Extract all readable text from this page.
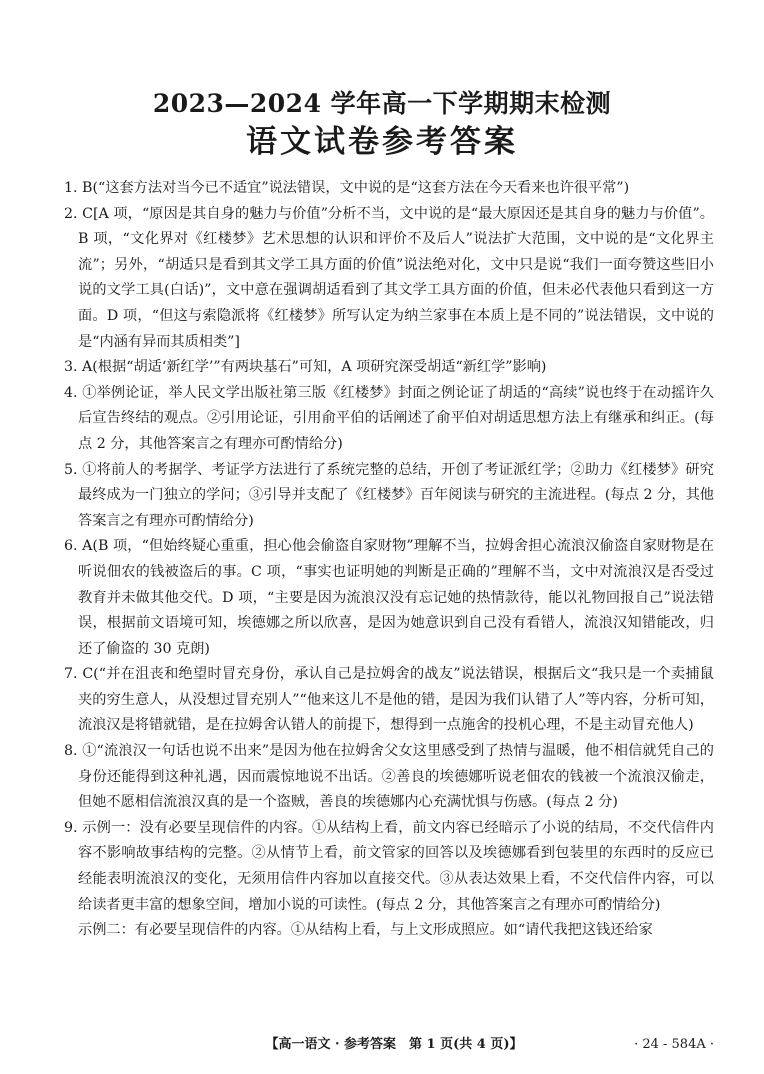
2023—2024 学年高一下学期期末检测
语文试卷参考答案

1. B(“这套方法对当今已不适宜”说法错误，文中说的是“这套方法在今天看来也许很平常”)

2. C[A 项，“原因是其自身的魅力与价值”分析不当，文中说的是“最大原因还是其自身的魅力与价值”。B 项，“文化界对《红楼梦》艺术思想的认识和评价不及后人”说法扩大范围，文中说的是“文化界主流”；另外，“胡适只是看到其文学工具方面的价值”说法绝对化，文中只是说“我们一面夸赞这些旧小说的文学工具(白话)”，文中意在强调胡适看到了其文学工具方面的价值，但未必代表他只看到这一方面。D 项，“但这与索隐派将《红楼梦》所写认定为纳兰家事在本质上是不同的”说法错误，文中说的是“内涵有异而其质相类”]

3. A(根据“胡适‘新红学’”有两块基石”可知，A 项研究深受胡适“新红学”影响)

4. ①举例论证，举人民文学出版社第三版《红楼梦》封面之例论证了胡适的“高续”说也终于在动摇许久后宣告终结的观点。②引用论证，引用俞平伯的话阐述了俞平伯对胡适思想方法上有继承和纠正。(每点 2 分，其他答案言之有理亦可酌情给分)

5. ①将前人的考据学、考证学方法进行了系统完整的总结，开创了考证派红学；②助力《红楼梦》研究最终成为一门独立的学问；③引导并支配了《红楼梦》百年阅读与研究的主流进程。(每点 2 分，其他答案言之有理亦可酌情给分)

6. A(B 项，“但始终疑心重重，担心他会偷盗自家财物”理解不当，拉姆舍担心流浪汉偷盗自家财物是在听说佃农的钱被盗后的事。C 项，“事实也证明她的判断是正确的”理解不当，文中对流浪汉是否受过教育并未做其他交代。D 项，“主要是因为流浪汉没有忘记她的热情款待，能以礼物回报自己”说法错误，根据前文语境可知，埃德娜之所以欣喜，是因为她意识到自己没有看错人，流浪汉知错能改，归还了偷盗的 30 克朗)

7. C(“并在沮丧和绝望时冒充身份，承认自己是拉姆舍的战友”说法错误，根据后文“我只是一个卖捕鼠夹的穷生意人，从没想过冒充别人”“他来这儿不是他的错，是因为我们认错了人”等内容，分析可知，流浪汉是将错就错，是在拉姆舍认错人的前提下，想得到一点施舍的投机心理，不是主动冒充他人)

8. ①“流浪汉一句话也说不出来”是因为他在拉姆舍父女这里感受到了热情与温暖，他不相信就凭自己的身份还能得到这种礼遇，因而震惊地说不出话。②善良的埃德娜听说老佃农的钱被一个流浪汉偷走，但她不愿相信流浪汉真的是一个盗贼，善良的埃德娜内心充满忧惧与伤感。(每点 2 分)

9. 示例一：没有必要呈现信件的内容。①从结构上看，前文内容已经暗示了小说的结局，不交代信件内容不影响故事结构的完整。②从情节上看，前文管家的回答以及埃德娜看到包装里的东西时的反应已经能表明流浪汉的变化，无须用信件内容加以直接交代。③从表达效果上看，不交代信件内容，可以给读者更丰富的想象空间，增加小说的可读性。(每点 2 分，其他答案言之有理亦可酌情给分)

示例二：有必要呈现信件的内容。①从结构上看，与上文形成照应。如“请代我把这钱还给家

【高一语文 · 参考答案　第 1 页(共 4 页)】	· 24 - 584A ·
